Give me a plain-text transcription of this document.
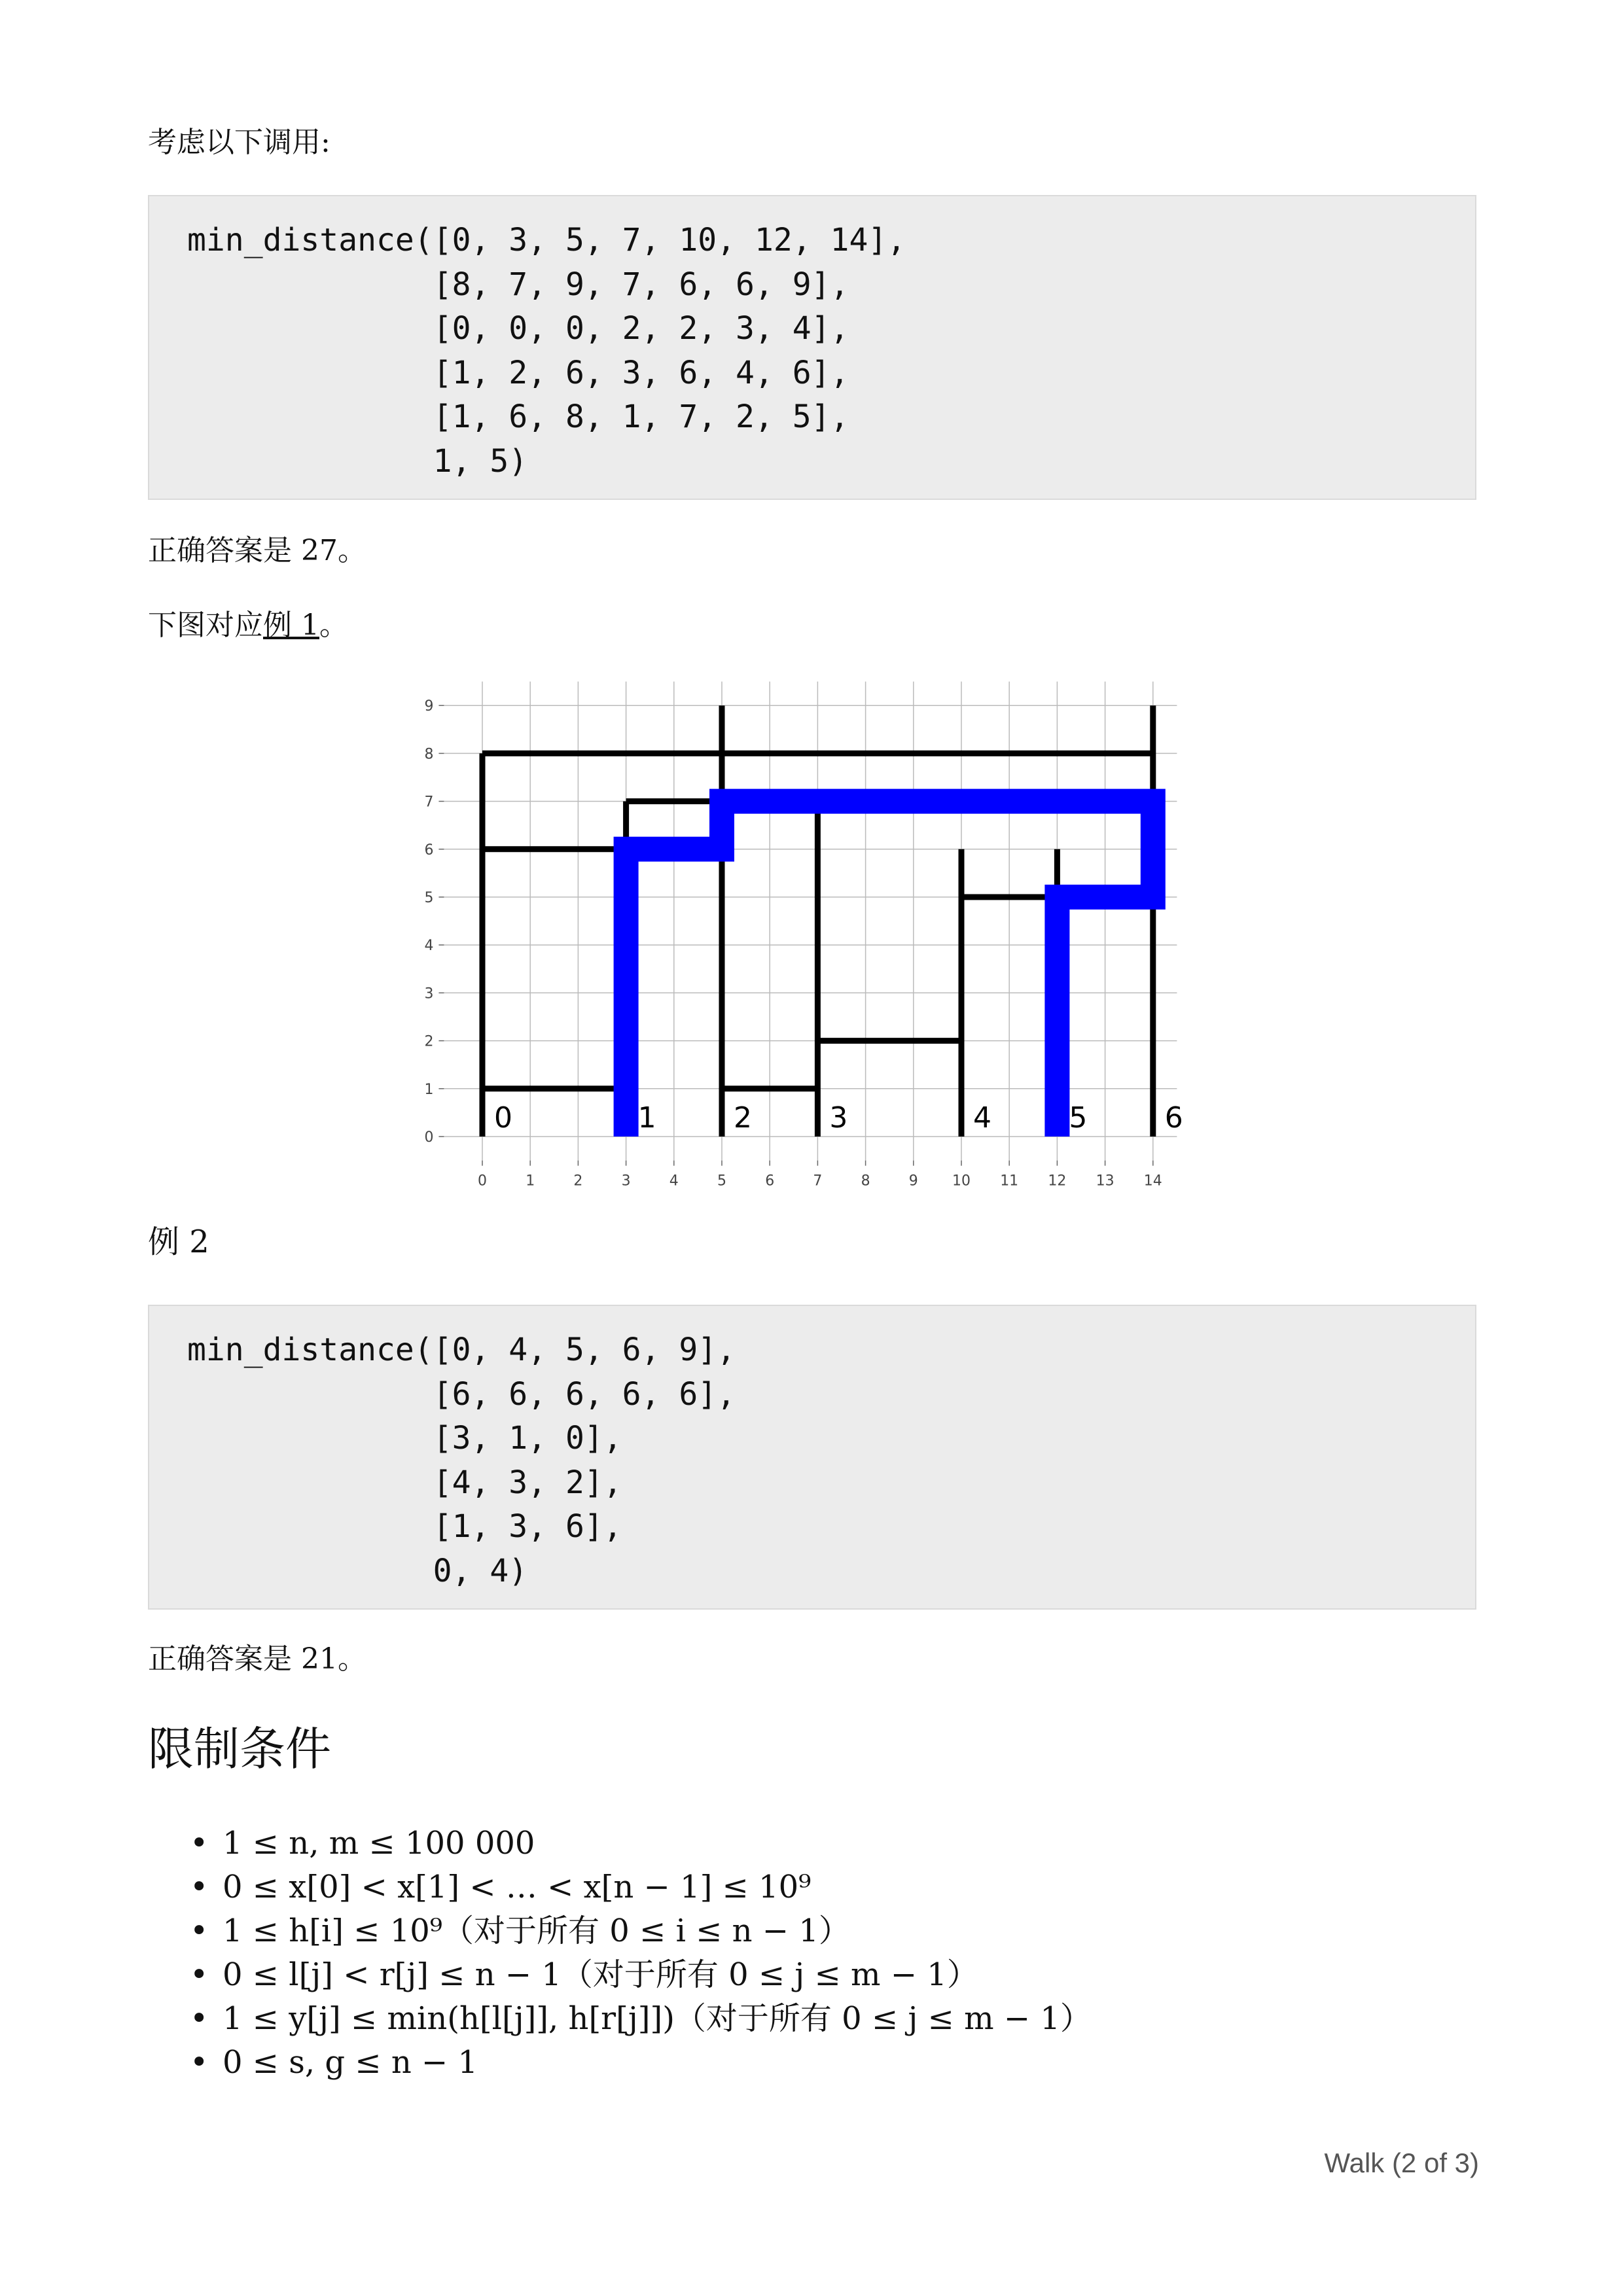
考虑以下调用:

min_distance([0, 3, 5, 7, 10, 12, 14],
[8, 7, 9, 7, 6, 6, 9],
[0, 0, 0, 2, 2, 3, 4],
[1, 2, 6, 3, 6, 4, 6],
[1, 6, 8, 1, 7, 2, 5],
1, 5)

正确答案是 27。

下图对应例 1。

0	1	2	3	4	5	6	7	8	9 10 11 12 13 14
0
1
2
3
4
5
6
7
8
9
0	1	2	3	4	5	6

例 2

min_distance([0, 4, 5, 6, 9],
[6, 6, 6, 6, 6],
[3, 1, 0],
[4, 3, 2],
[1, 3, 6],
0, 4)

正确答案是 21。

限制条件
• 1 ≤ n, m ≤ 100 000
• 0 ≤ x[0] < x[1] < … < x[n − 1] ≤ 10⁹
• 1 ≤ h[i] ≤ 10⁹（对于所有 0 ≤ i ≤ n − 1）
• 0 ≤ l[j] < r[j] ≤ n − 1（对于所有 0 ≤ j ≤ m − 1）
• 1 ≤ y[j] ≤ min(h[l[j]], h[r[j]])（对于所有 0 ≤ j ≤ m − 1）
• 0 ≤ s, g ≤ n − 1
Walk (2 of 3)
